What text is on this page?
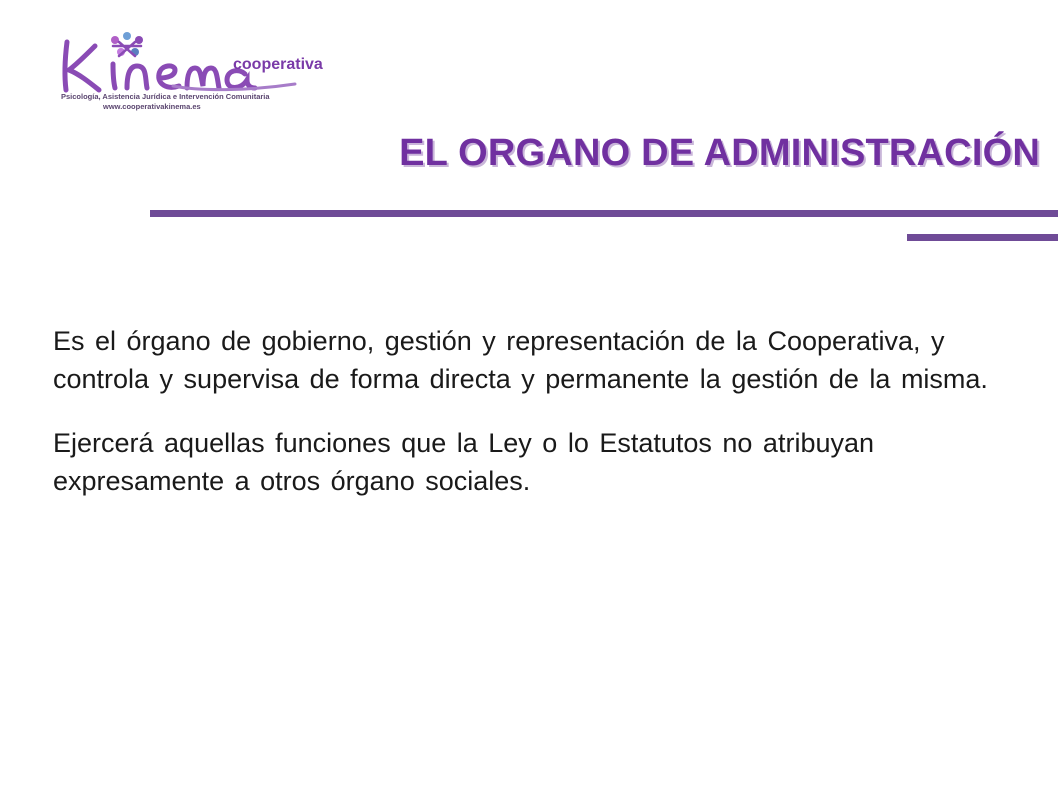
cooperativa
Psicología, Asistencia Jurídica e Intervención Comunitaria
www.cooperativakinema.es
EL ORGANO DE ADMINISTRACIÓN

Es el órgano de gobierno, gestión y representación de la Cooperativa, y controla y supervisa de forma directa y permanente la gestión de la misma.

Ejercerá aquellas funciones que la Ley o lo Estatutos no atribuyan expresamente a otros órgano sociales.
